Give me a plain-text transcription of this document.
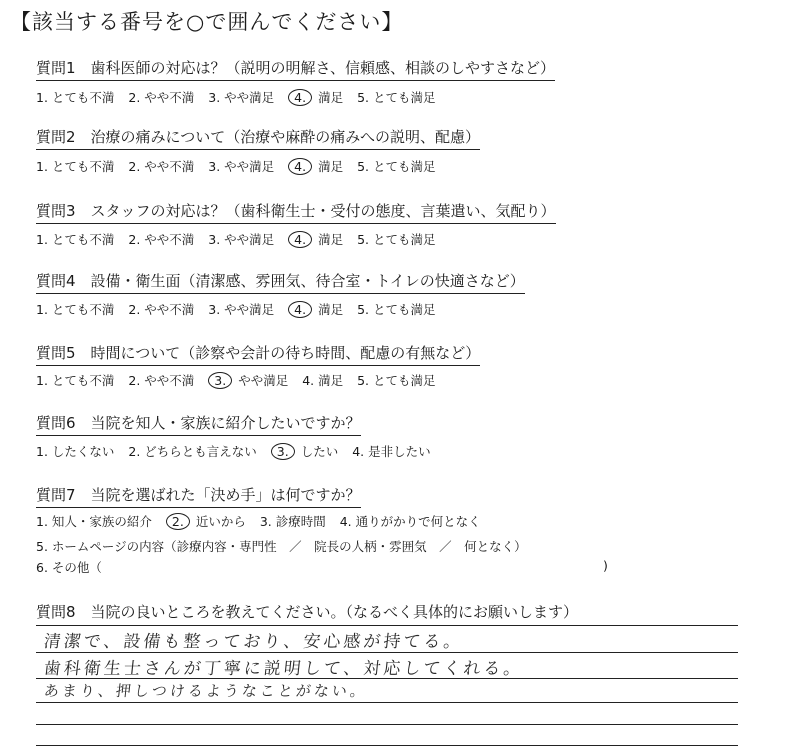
【該当する番号を○で囲んでください】
質問1　歯科医師の対応は？（説明の明解さ、信頼感、相談のしやすさなど）
1. とても不満 2. やや不満 3. やや満足 4. 満足 5. とても満足
質問2　治療の痛みについて（治療や麻酔の痛みへの説明、配慮）
1. とても不満 2. やや不満 3. やや満足 4. 満足 5. とても満足
質問3　スタッフの対応は？（歯科衛生士・受付の態度、言葉遣い、気配り）
1. とても不満 2. やや不満 3. やや満足 4. 満足 5. とても満足
質問4　設備・衛生面（清潔感、雰囲気、待合室・トイレの快適さなど）
1. とても不満 2. やや不満 3. やや満足 4. 満足 5. とても満足
質問5　時間について（診察や会計の待ち時間、配慮の有無など）
1. とても不満 2. やや不満 3. やや満足 4. 満足 5. とても満足
質問6　当院を知人・家族に紹介したいですか？
1. したくない 2. どちらとも言えない 3. したい 4. 是非したい
質問7　当院を選ばれた「決め手」は何ですか？
1. 知人・家族の紹介 2. 近いから 3. 診療時間 4. 通りがかりで何となく
5. ホームページの内容（診療内容・専門性　／　院長の人柄・雰囲気　／　何となく）
6. その他（	)
質問8　当院の良いところを教えてください。（なるべく具体的にお願いします）
清潔で、設備も整っており、安心感が持てる。
歯科衛生士さんが丁寧に説明して、対応してくれる。
あまり、押しつけるようなことがない。
